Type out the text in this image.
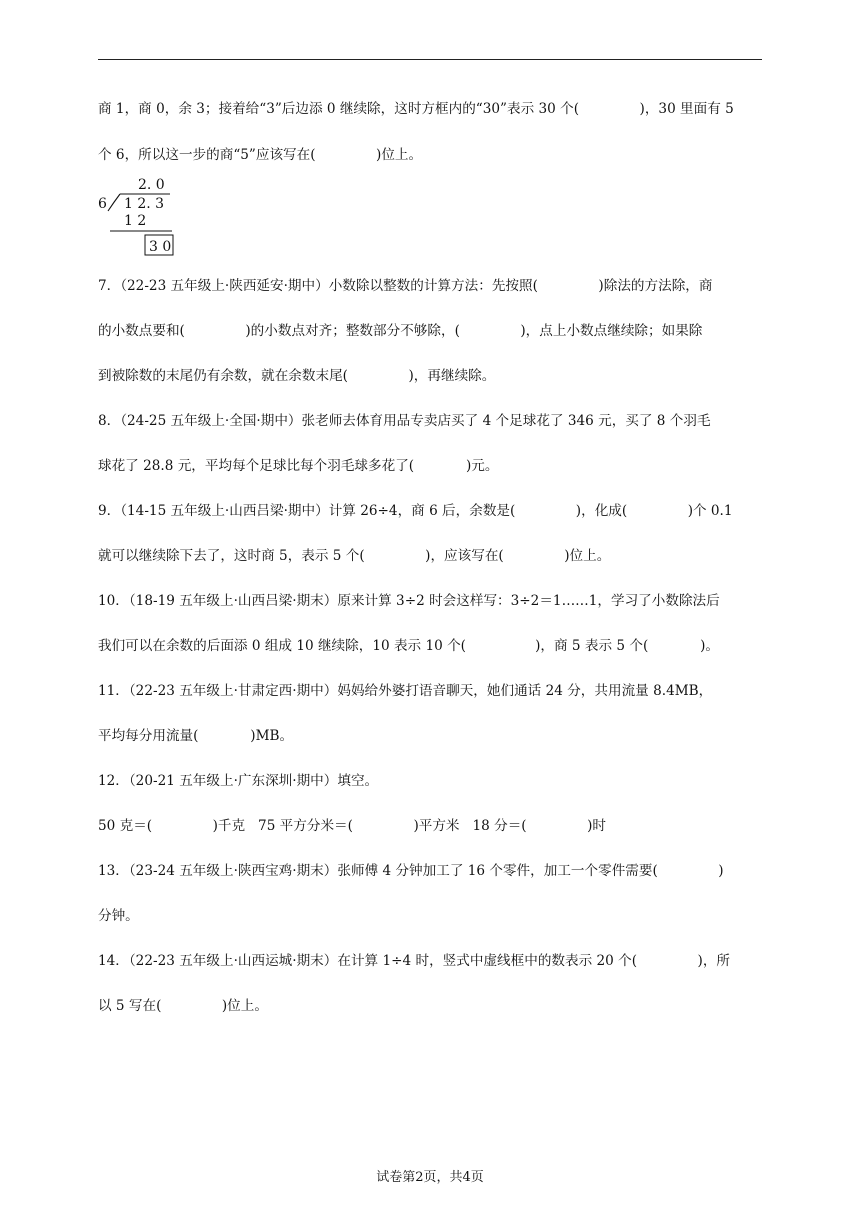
商 1，商 0，余 3；接着给“3”后边添 0 继续除，这时方框内的“30”表示 30 个(              )，30 里面有 5
个 6，所以这一步的商“5”应该写在(              )位上。
2. 0
6 1 2. 3
1 2
3 0
7．（22-23 五年级上·陕西延安·期中）小数除以整数的计算方法：先按照(              )除法的方法除，商
的小数点要和(              )的小数点对齐；整数部分不够除，(              )，点上小数点继续除；如果除
到被除数的末尾仍有余数，就在余数末尾(              )，再继续除。
8．（24-25 五年级上·全国·期中）张老师去体育用品专卖店买了 4 个足球花了 346 元，买了 8 个羽毛
球花了 28.8 元，平均每个足球比每个羽毛球多花了(            )元。
9．（14-15 五年级上·山西吕梁·期中）计算 26÷4，商 6 后，余数是(              )，化成(              )个 0.1
就可以继续除下去了，这时商 5，表示 5 个(              )，应该写在(              )位上。
10．（18-19 五年级上·山西吕梁·期末）原来计算 3÷2 时会这样写：3÷2＝1……1，学习了小数除法后
我们可以在余数的后面添 0 组成 10 继续除，10 表示 10 个(                )，商 5 表示 5 个(            )。
11．（22-23 五年级上·甘肃定西·期中）妈妈给外婆打语音聊天，她们通话 24 分，共用流量 8.4MB，
平均每分用流量(            )MB。
12．（20-21 五年级上·广东深圳·期中）填空。
50 克＝(              )千克   75 平方分米＝(              )平方米   18 分＝(              )时
13．（23-24 五年级上·陕西宝鸡·期末）张师傅 4 分钟加工了 16 个零件，加工一个零件需要(              )
分钟。
14．（22-23 五年级上·山西运城·期末）在计算 1÷4 时，竖式中虚线框中的数表示 20 个(              )，所
以 5 写在(              )位上。
试卷第2页，共4页
